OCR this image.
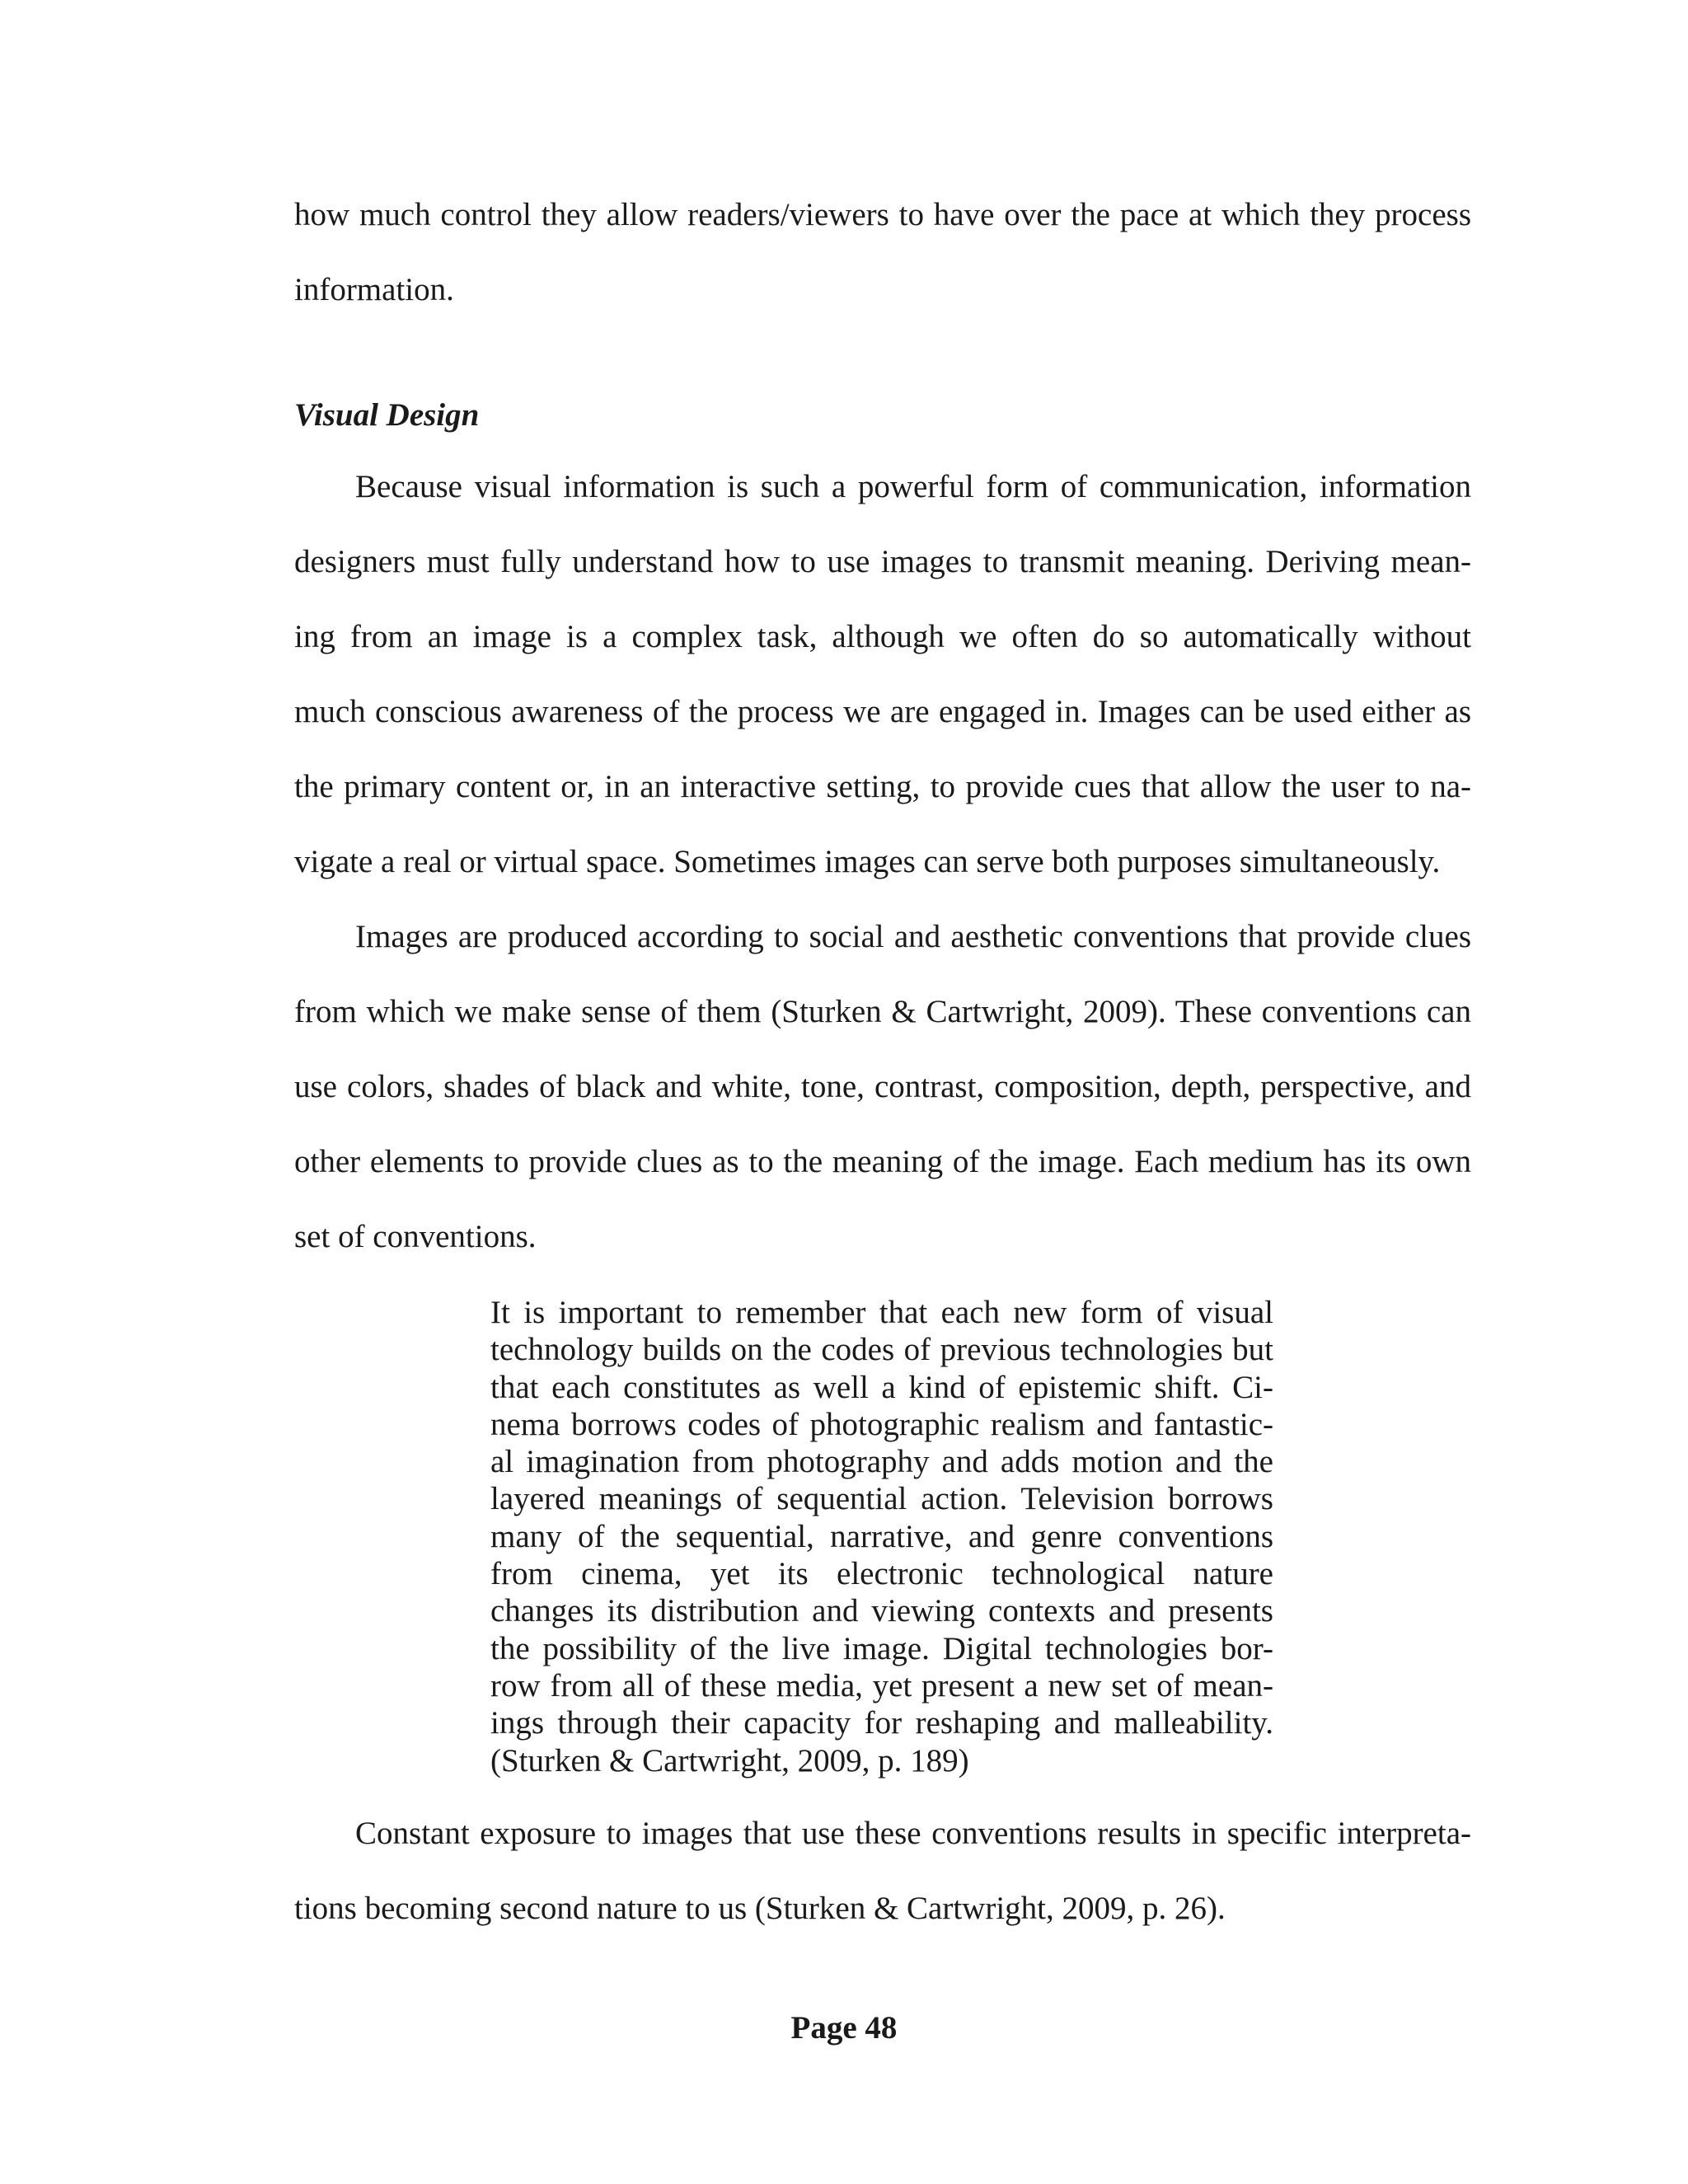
how much control they allow readers/viewers to have over the pace at which they process
information.
Visual Design
Because visual information is such a powerful form of communication, information
designers must fully understand how to use images to transmit meaning. Deriving mean-
ing from an image is a complex task, although we often do so automatically without
much conscious awareness of the process we are engaged in. Images can be used either as
the primary content or, in an interactive setting, to provide cues that allow the user to na-
vigate a real or virtual space. Sometimes images can serve both purposes simultaneously.
Images are produced according to social and aesthetic conventions that provide clues
from which we make sense of them (Sturken & Cartwright, 2009). These conventions can
use colors, shades of black and white, tone, contrast, composition, depth, perspective, and
other elements to provide clues as to the meaning of the image. Each medium has its own
set of conventions.
It is important to remember that each new form of visual
technology builds on the codes of previous technologies but
that each constitutes as well a kind of epistemic shift. Ci-
nema borrows codes of photographic realism and fantastic-
al imagination from photography and adds motion and the
layered meanings of sequential action. Television borrows
many of the sequential, narrative, and genre conventions
from cinema, yet its electronic technological nature
changes its distribution and viewing contexts and presents
the possibility of the live image. Digital technologies bor-
row from all of these media, yet present a new set of mean-
ings through their capacity for reshaping and malleability.
(Sturken & Cartwright, 2009, p. 189)
Constant exposure to images that use these conventions results in specific interpreta-
tions becoming second nature to us (Sturken & Cartwright, 2009, p. 26).
Page 48
